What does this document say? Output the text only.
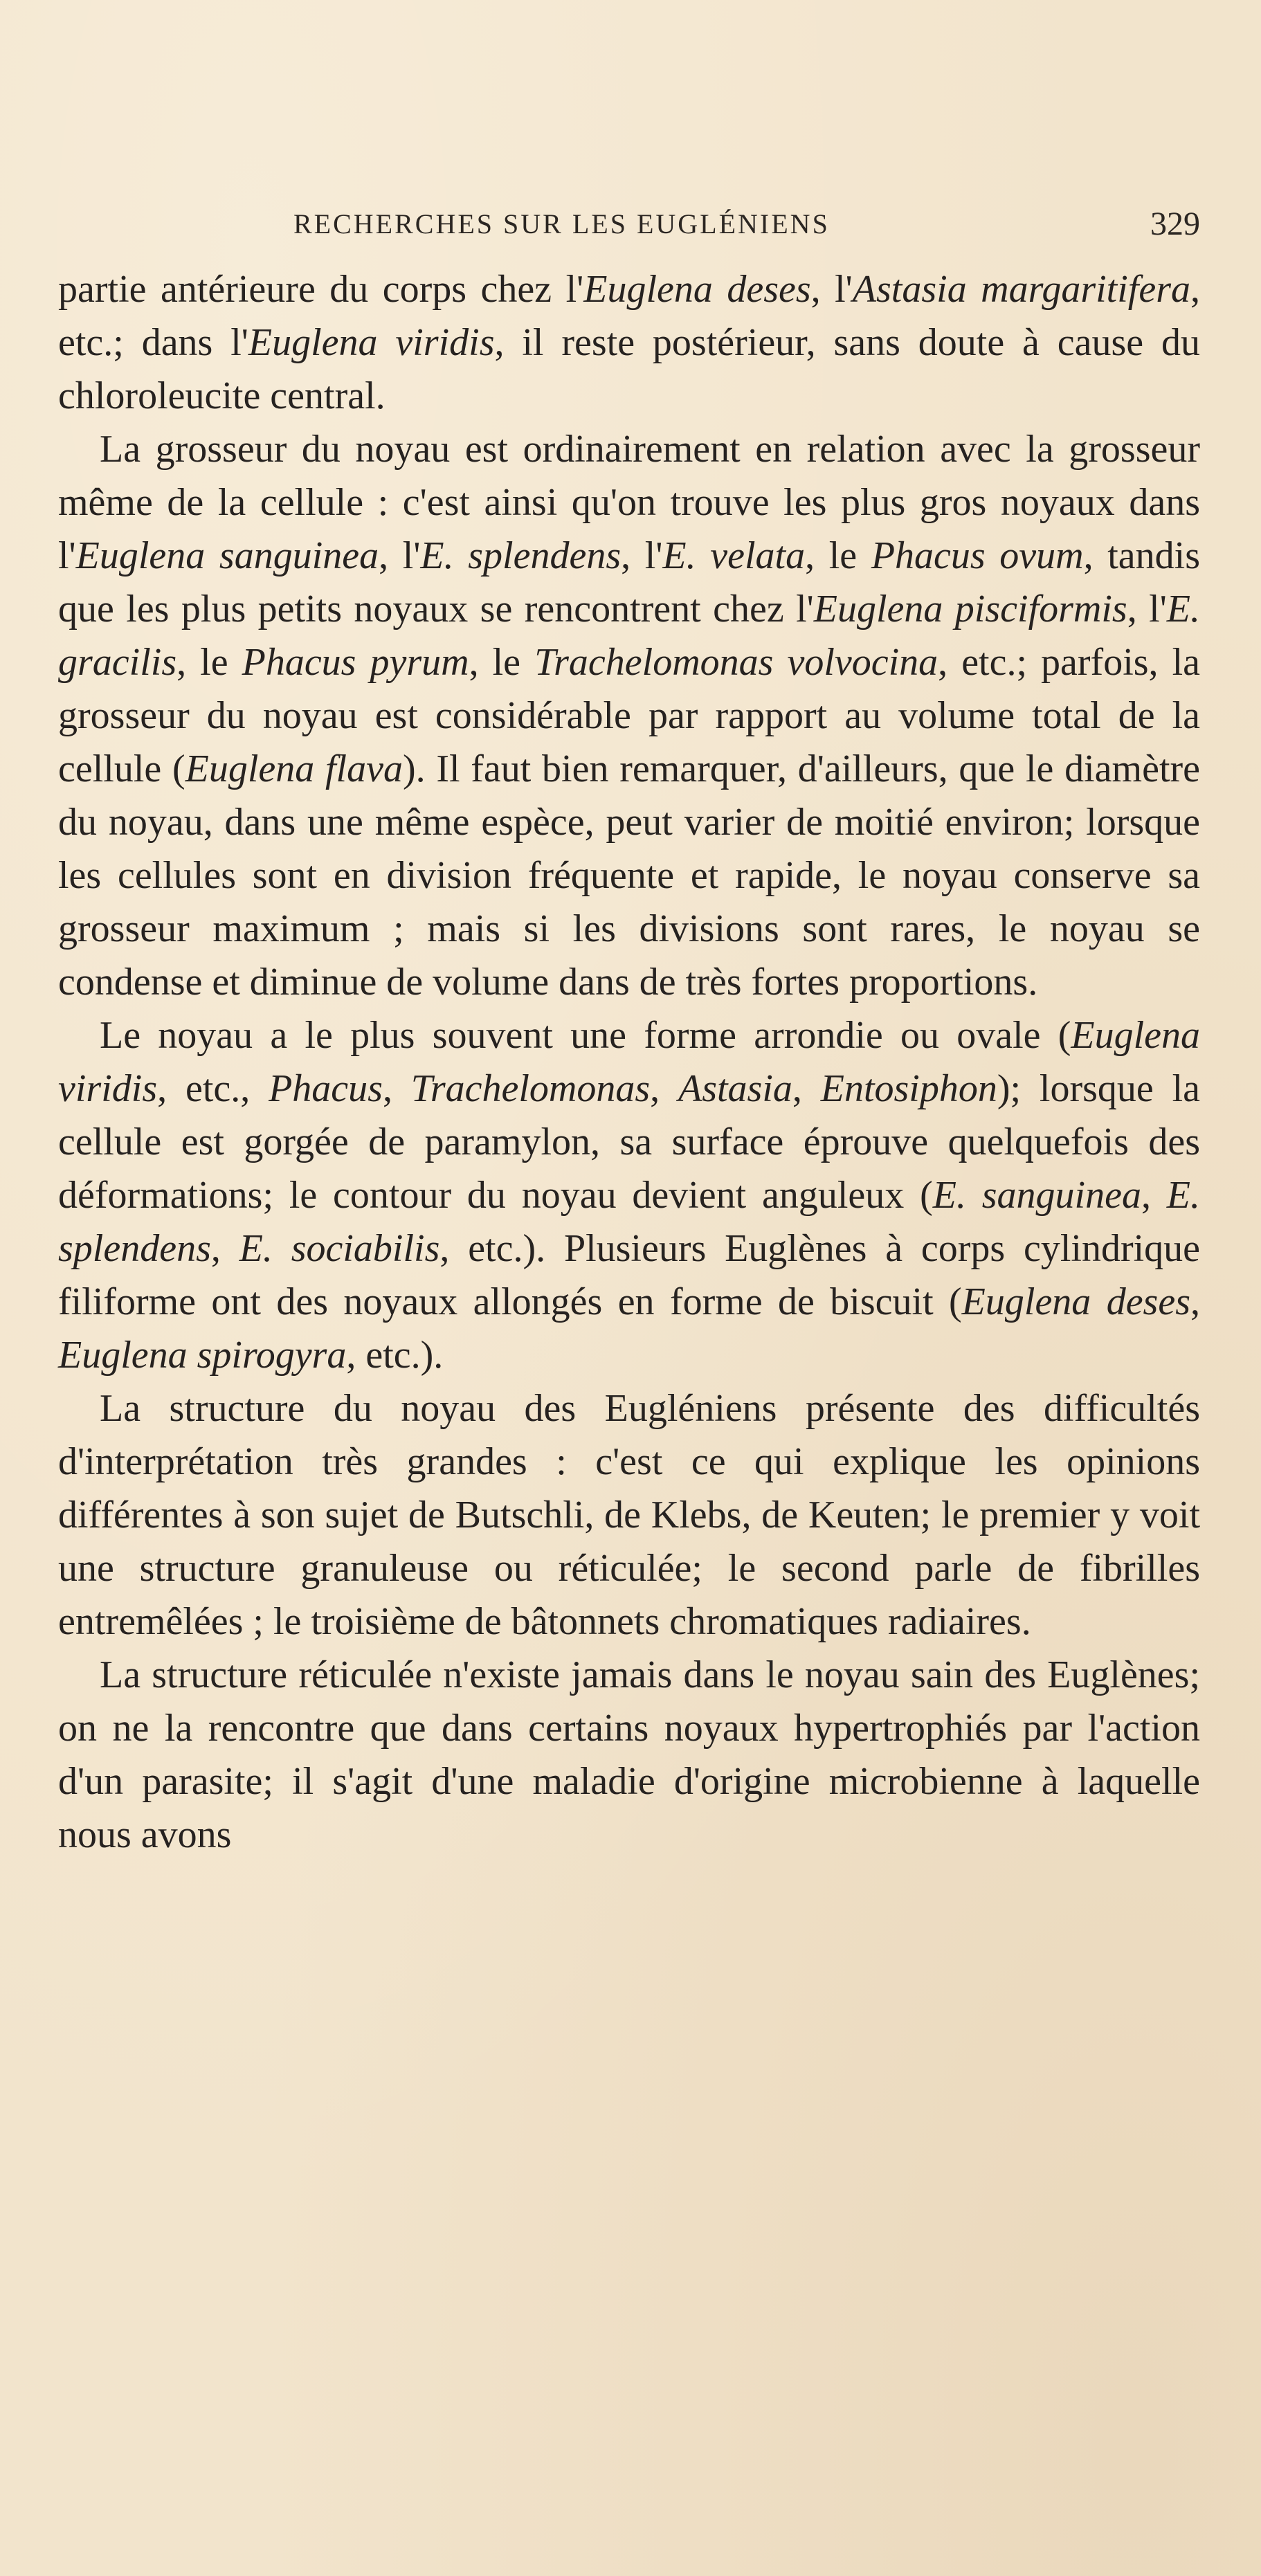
RECHERCHES SUR LES EUGLÉNIENS	329

partie antérieure du corps chez l'Euglena deses, l'Astasia margaritifera, etc.; dans l'Euglena viridis, il reste postérieur, sans doute à cause du chloroleucite central.

La grosseur du noyau est ordinairement en relation avec la grosseur même de la cellule : c'est ainsi qu'on trouve les plus gros noyaux dans l'Euglena sanguinea, l'E. splendens, l'E. velata, le Phacus ovum, tandis que les plus petits noyaux se rencontrent chez l'Euglena pisciformis, l'E. gracilis, le Phacus pyrum, le Trachelomonas volvocina, etc.; parfois, la grosseur du noyau est considérable par rapport au volume total de la cellule (Euglena flava). Il faut bien remarquer, d'ailleurs, que le diamètre du noyau, dans une même espèce, peut varier de moitié environ; lorsque les cellules sont en division fréquente et rapide, le noyau conserve sa grosseur maximum ; mais si les divisions sont rares, le noyau se condense et diminue de volume dans de très fortes proportions.

Le noyau a le plus souvent une forme arrondie ou ovale (Euglena viridis, etc., Phacus, Trachelomonas, Astasia, Entosiphon); lorsque la cellule est gorgée de paramylon, sa surface éprouve quelquefois des déformations; le contour du noyau devient anguleux (E. sanguinea, E. splendens, E. sociabilis, etc.). Plusieurs Euglènes à corps cylindrique filiforme ont des noyaux allongés en forme de biscuit (Euglena deses, Euglena spirogyra, etc.).

La structure du noyau des Eugléniens présente des difficultés d'interprétation très grandes : c'est ce qui explique les opinions différentes à son sujet de Butschli, de Klebs, de Keuten; le premier y voit une structure granuleuse ou réticulée; le second parle de fibrilles entremêlées ; le troisième de bâtonnets chromatiques radiaires.

La structure réticulée n'existe jamais dans le noyau sain des Euglènes; on ne la rencontre que dans certains noyaux hypertrophiés par l'action d'un parasite; il s'agit d'une maladie d'origine microbienne à laquelle nous avons
